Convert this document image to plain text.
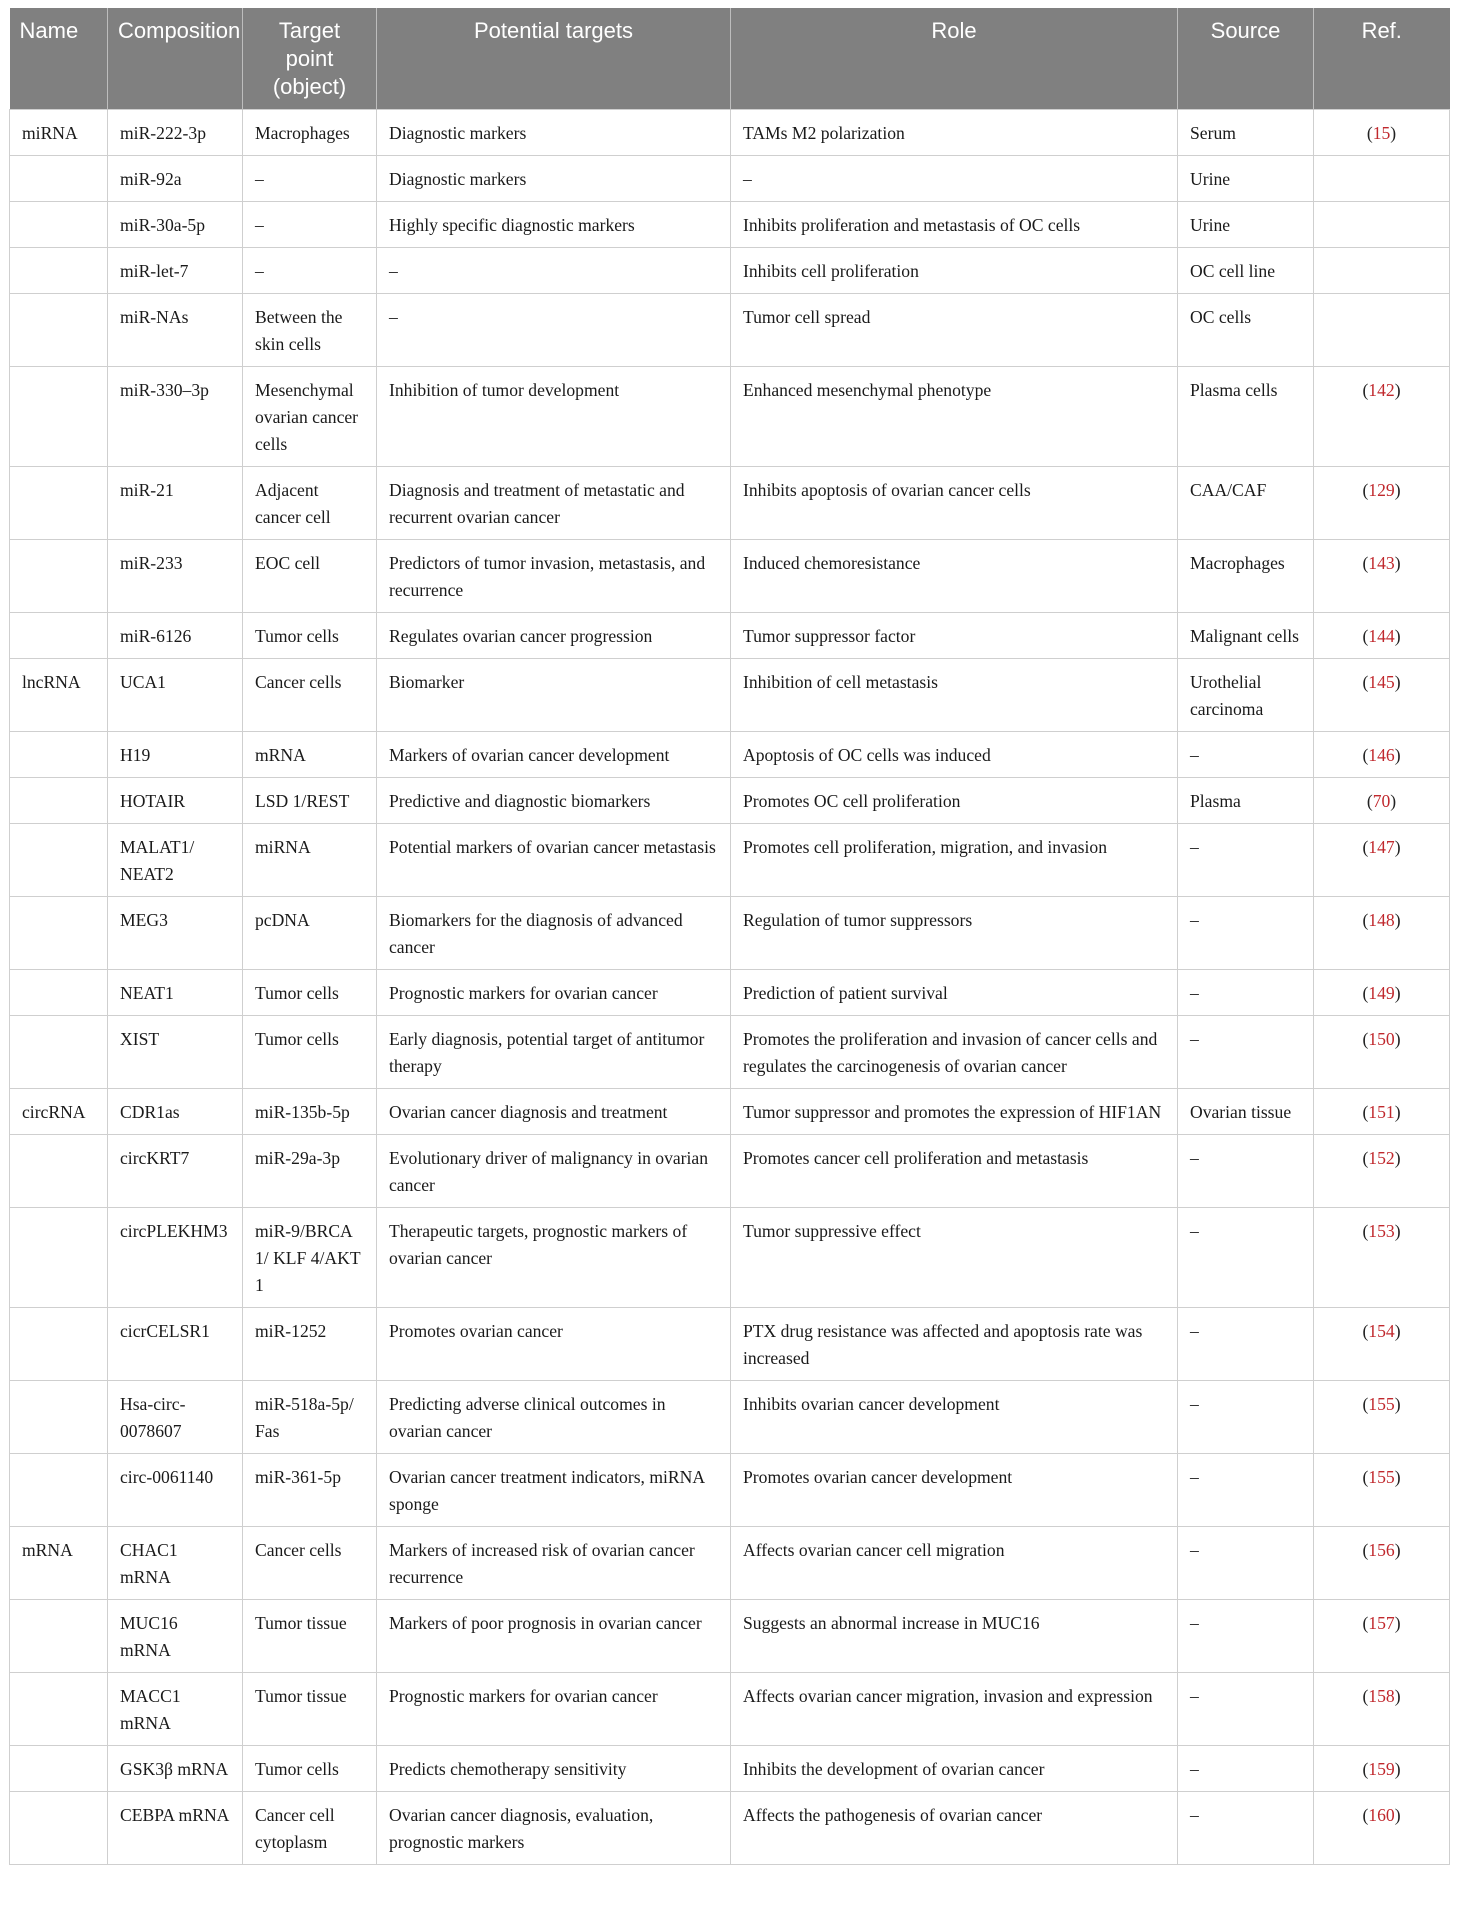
Name	Composition	Target point (object)	Potential targets	Role	Source	Ref.
miRNA	miR-222-3p	Macrophages	Diagnostic markers	TAMs M2 polarization	Serum	(15)
	miR-92a	–	Diagnostic markers	–	Urine	
	miR-30a-5p	–	Highly specific diagnostic markers	Inhibits proliferation and metastasis of OC cells	Urine	
	miR-let-7	–	–	Inhibits cell proliferation	OC cell line	
	miR-NAs	Between the skin cells	–	Tumor cell spread	OC cells	
	miR-330–3p	Mesenchymal ovarian cancer cells	Inhibition of tumor development	Enhanced mesenchymal phenotype	Plasma cells	(142)
	miR-21	Adjacent cancer cell	Diagnosis and treatment of metastatic and recurrent ovarian cancer	Inhibits apoptosis of ovarian cancer cells	CAA/CAF	(129)
	miR-233	EOC cell	Predictors of tumor invasion, metastasis, and recurrence	Induced chemoresistance	Macrophages	(143)
	miR-6126	Tumor cells	Regulates ovarian cancer progression	Tumor suppressor factor	Malignant cells	(144)
lncRNA	UCA1	Cancer cells	Biomarker	Inhibition of cell metastasis	Urothelial carcinoma	(145)
	H19	mRNA	Markers of ovarian cancer development	Apoptosis of OC cells was induced	–	(146)
	HOTAIR	LSD 1/REST	Predictive and diagnostic biomarkers	Promotes OC cell proliferation	Plasma	(70)
	MALAT1/ NEAT2	miRNA	Potential markers of ovarian cancer metastasis	Promotes cell proliferation, migration, and invasion	–	(147)
	MEG3	pcDNA	Biomarkers for the diagnosis of advanced cancer	Regulation of tumor suppressors	–	(148)
	NEAT1	Tumor cells	Prognostic markers for ovarian cancer	Prediction of patient survival	–	(149)
	XIST	Tumor cells	Early diagnosis, potential target of antitumor therapy	Promotes the proliferation and invasion of cancer cells and regulates the carcinogenesis of ovarian cancer	–	(150)
circRNA	CDR1as	miR-135b-5p	Ovarian cancer diagnosis and treatment	Tumor suppressor and promotes the expression of HIF1AN	Ovarian tissue	(151)
	circKRT7	miR-29a-3p	Evolutionary driver of malignancy in ovarian cancer	Promotes cancer cell proliferation and metastasis	–	(152)
	circPLEKHM3	miR-9/BRCA 1/ KLF 4/AKT 1	Therapeutic targets, prognostic markers of ovarian cancer	Tumor suppressive effect	–	(153)
	cicrCELSR1	miR-1252	Promotes ovarian cancer	PTX drug resistance was affected and apoptosis rate was increased	–	(154)
	Hsa-circ-0078607	miR-518a-5p/ Fas	Predicting adverse clinical outcomes in ovarian cancer	Inhibits ovarian cancer development	–	(155)
	circ-0061140	miR-361-5p	Ovarian cancer treatment indicators, miRNA sponge	Promotes ovarian cancer development	–	(155)
mRNA	CHAC1 mRNA	Cancer cells	Markers of increased risk of ovarian cancer recurrence	Affects ovarian cancer cell migration	–	(156)
	MUC16 mRNA	Tumor tissue	Markers of poor prognosis in ovarian cancer	Suggests an abnormal increase in MUC16	–	(157)
	MACC1 mRNA	Tumor tissue	Prognostic markers for ovarian cancer	Affects ovarian cancer migration, invasion and expression	–	(158)
	GSK3β mRNA	Tumor cells	Predicts chemotherapy sensitivity	Inhibits the development of ovarian cancer	–	(159)
	CEBPA mRNA	Cancer cell cytoplasm	Ovarian cancer diagnosis, evaluation, prognostic markers	Affects the pathogenesis of ovarian cancer	–	(160)
